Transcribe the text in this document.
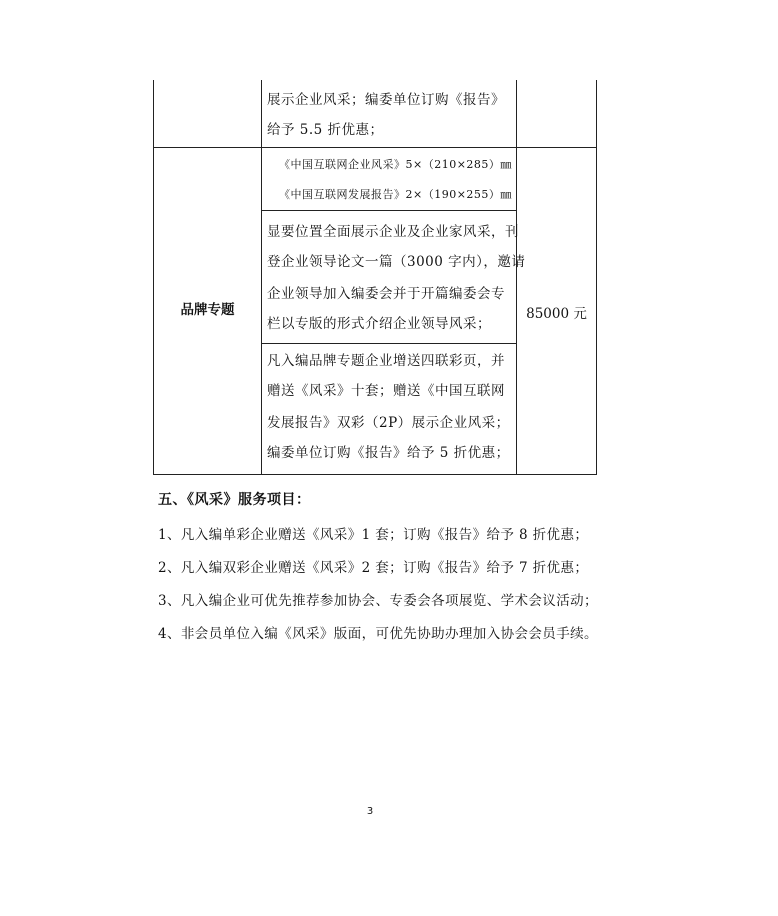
展示企业风采；编委单位订购《报告》
给予 5.5 折优惠；
品牌专题
《中国互联网企业风采》5×（210×285）㎜
《中国互联网发展报告》2×（190×255）㎜
显要位置全面展示企业及企业家风采，刊
登企业领导论文一篇（3000 字内），邀请
企业领导加入编委会并于开篇编委会专
栏以专版的形式介绍企业领导风采；
凡入编品牌专题企业增送四联彩页，并
赠送《风采》十套；赠送《中国互联网
发展报告》双彩（2P）展示企业风采；
编委单位订购《报告》给予 5 折优惠；
85000 元
五、《风采》服务项目：
1、凡入编单彩企业赠送《风采》1 套；订购《报告》给予 8 折优惠；
2、凡入编双彩企业赠送《风采》2 套；订购《报告》给予 7 折优惠；
3、凡入编企业可优先推荐参加协会、专委会各项展览、学术会议活动；
4、非会员单位入编《风采》版面，可优先协助办理加入协会会员手续。
3
